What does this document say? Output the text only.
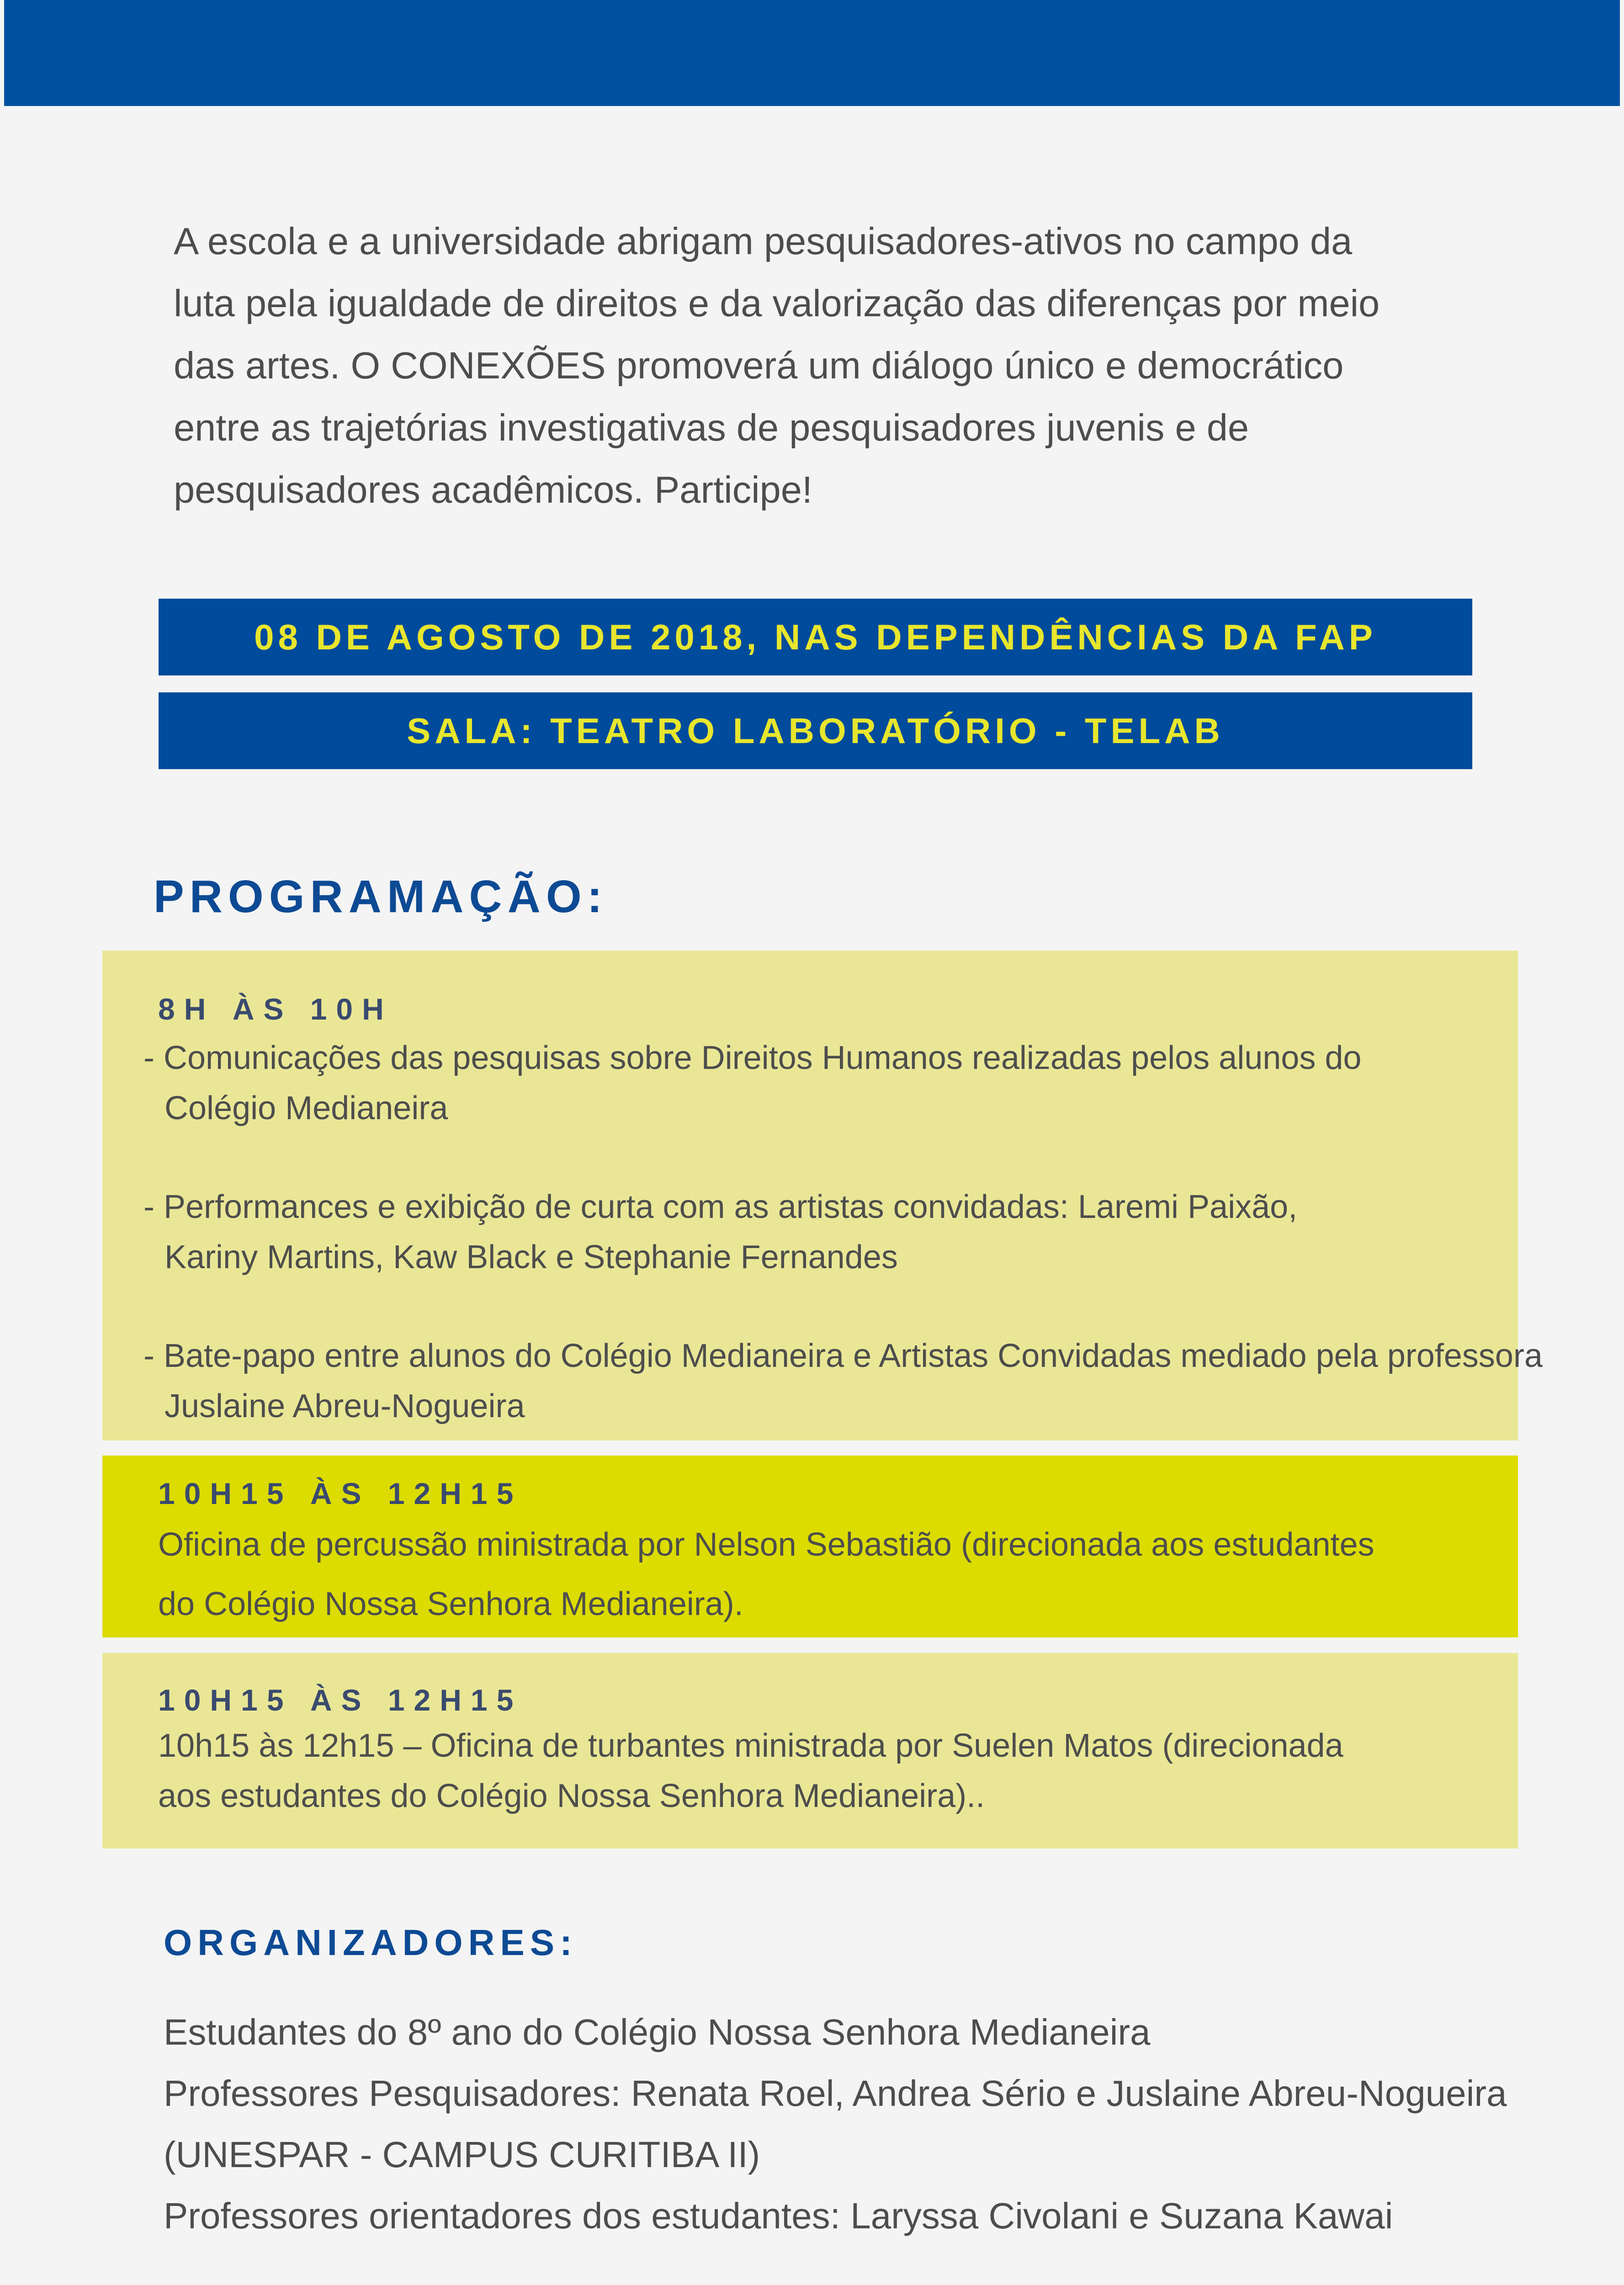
A escola e a universidade abrigam pesquisadores-ativos no campo da

luta pela igualdade de direitos e da valorização das diferenças por meio

das artes. O CONEXÕES promoverá um diálogo único e democrático

entre as trajetórias investigativas de pesquisadores juvenis e de

pesquisadores acadêmicos. Participe!

08 DE AGOSTO DE 2018, NAS DEPENDÊNCIAS DA FAP
SALA: TEATRO LABORATÓRIO - TELAB
PROGRAMAÇÃO:
8H ÀS 10H

- Comunicações das pesquisas sobre Direitos Humanos realizadas pelos alunos do

Colégio Medianeira

- Performances e exibição de curta com as artistas convidadas: Laremi Paixão,

Kariny Martins, Kaw Black e Stephanie Fernandes

- Bate-papo entre alunos do Colégio Medianeira e Artistas Convidadas mediado pela professora

Juslaine Abreu-Nogueira

10H15 ÀS 12H15

Oficina de percussão ministrada por Nelson Sebastião (direcionada aos estudantes

do Colégio Nossa Senhora Medianeira).

10H15 ÀS 12H15

10h15 às 12h15 – Oficina de turbantes ministrada por Suelen Matos (direcionada

aos estudantes do Colégio Nossa Senhora Medianeira)..

ORGANIZADORES:

Estudantes do 8º ano do Colégio Nossa Senhora Medianeira

Professores Pesquisadores: Renata Roel, Andrea Sério e Juslaine Abreu-Nogueira

(UNESPAR - CAMPUS CURITIBA II)

Professores orientadores dos estudantes: Laryssa Civolani e Suzana Kawai
